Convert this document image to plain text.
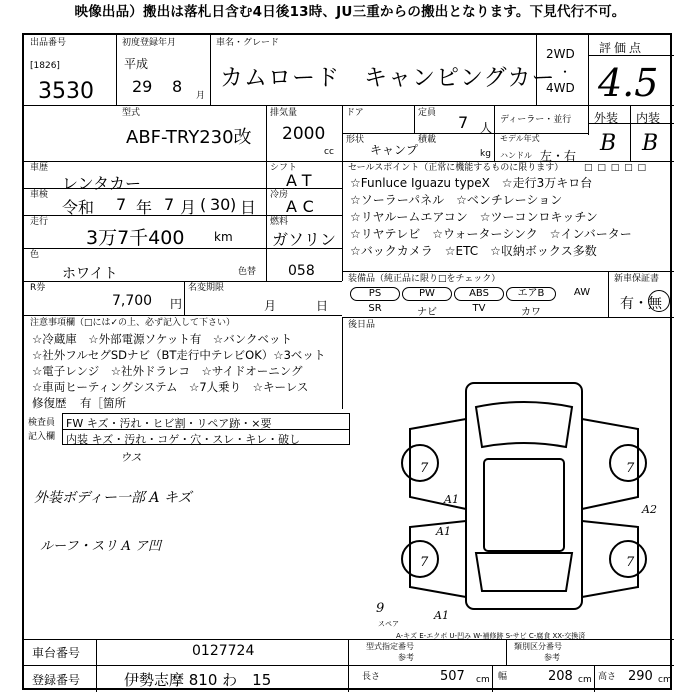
映像出品）搬出は落札日含む4日後13時、JU三重からの搬出となります。下見代行不可。
出品番号
[1826]
3530
初度登録年月
平成
29 8 月
車名・グレード
カムロード　キャンピングカー
2WD
・
4WD
評価点
4.5
型式
ABF-TRY230改
排気量
2000
cc
ドア	定員 7 人
ディーラー・並行
形状
キャンプ
積載
kg
モデル年式
ハンドル 左・右
外装 内装
B B
車歴
レンタカー
シフト
AT
車検
令和 7 年 7 月 ( 30 ) 日
冷房
AC
走行
3万7千400 km
燃料
ガソリン
色
ホワイト	色替 058
R券
7,700 円
名変期限
月	日
セールスポイント（正常に機能するものに限ります） □ □ □ □ □
☆Funluce Iguazu typeX　☆走行3万キロ台
☆ソーラーパネル　☆ベンチレーション
☆リヤルームエアコン　☆ツーコンロキッチン
☆リヤテレビ　☆ウォーターシンク　☆インバーター
☆バックカメラ　☆ETC　☆収納ボックス多数
装備品（純正品に限り□をチェック）	新車保証書
有・無
PS	PW	ABS	エアB	AW
SR	ナビ	TV	カワ
後日品
注意事項欄（□には✓の上、必ず記入して下さい）
☆冷蔵庫　☆外部電源ソケット有　☆バンクベット
☆社外フルセグSDナビ（BT走行中テレビOK）☆3ベット
☆電子レンジ　☆社外ドラレコ　☆サイドオーニング
☆車両ヒーティングシステム　☆7人乗り　☆キーレス
修復歴 有［箇所
検査員
記入欄
FW キズ・汚れ・ヒビ割・リペア跡・×要
内装 キズ・汚れ・コゲ・穴・スレ・キレ・破し
ウス
外装ボディー一部 A キズ
ルーフ・スリ A ア凹
7	7
7	7
A1
A1
A2
9	A1
スペア
A-キズ E-エクボ U-凹み W-補修跡 S-サビ C-腐食 XX-交換済
車台番号	0127724
登録番号	伊勢志摩 810 わ　15
型式指定番号
参考
類別区分番号
参考
長さ	507 cm 幅	208 cm 高さ 290 cm
